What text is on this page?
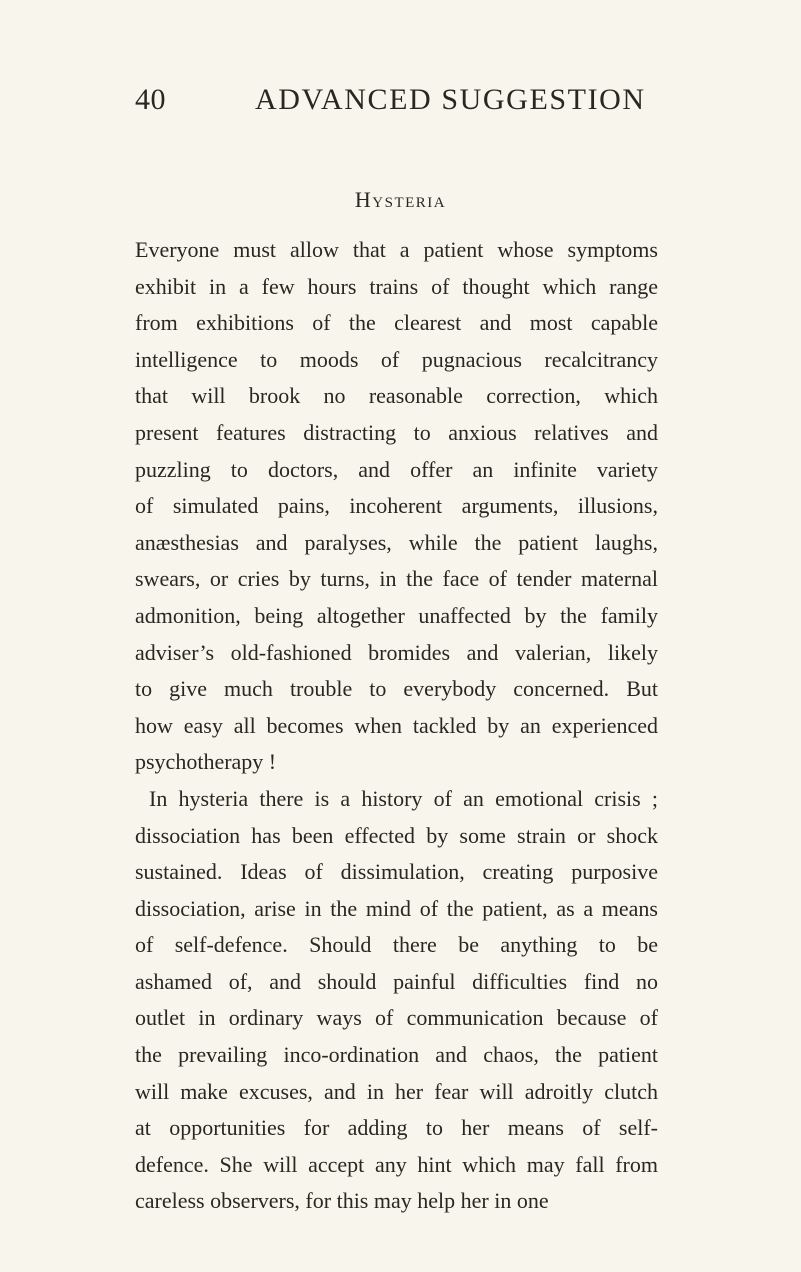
40	ADVANCED SUGGESTION
Hysteria
Everyone must allow that a patient whose symptoms
exhibit in a few hours trains of thought which range
from exhibitions of the clearest and most capable
intelligence to moods of pugnacious recalcitrancy
that will brook no reasonable correction, which
present features distracting to anxious relatives and
puzzling to doctors, and offer an infinite variety
of simulated pains, incoherent arguments, illusions,
anæsthesias and paralyses, while the patient laughs,
swears, or cries by turns, in the face of tender maternal
admonition, being altogether unaffected by the family
adviser’s old-fashioned bromides and valerian, likely
to give much trouble to everybody concerned. But
how easy all becomes when tackled by an experienced
psychotherapy !
In hysteria there is a history of an emotional crisis ;
dissociation has been effected by some strain or shock
sustained. Ideas of dissimulation, creating purposive
dissociation, arise in the mind of the patient, as a means
of self-defence. Should there be anything to be
ashamed of, and should painful difficulties find no
outlet in ordinary ways of communication because of
the prevailing inco-ordination and chaos, the patient
will make excuses, and in her fear will adroitly clutch
at opportunities for adding to her means of self-
defence. She will accept any hint which may fall from
careless observers, for this may help her in one
